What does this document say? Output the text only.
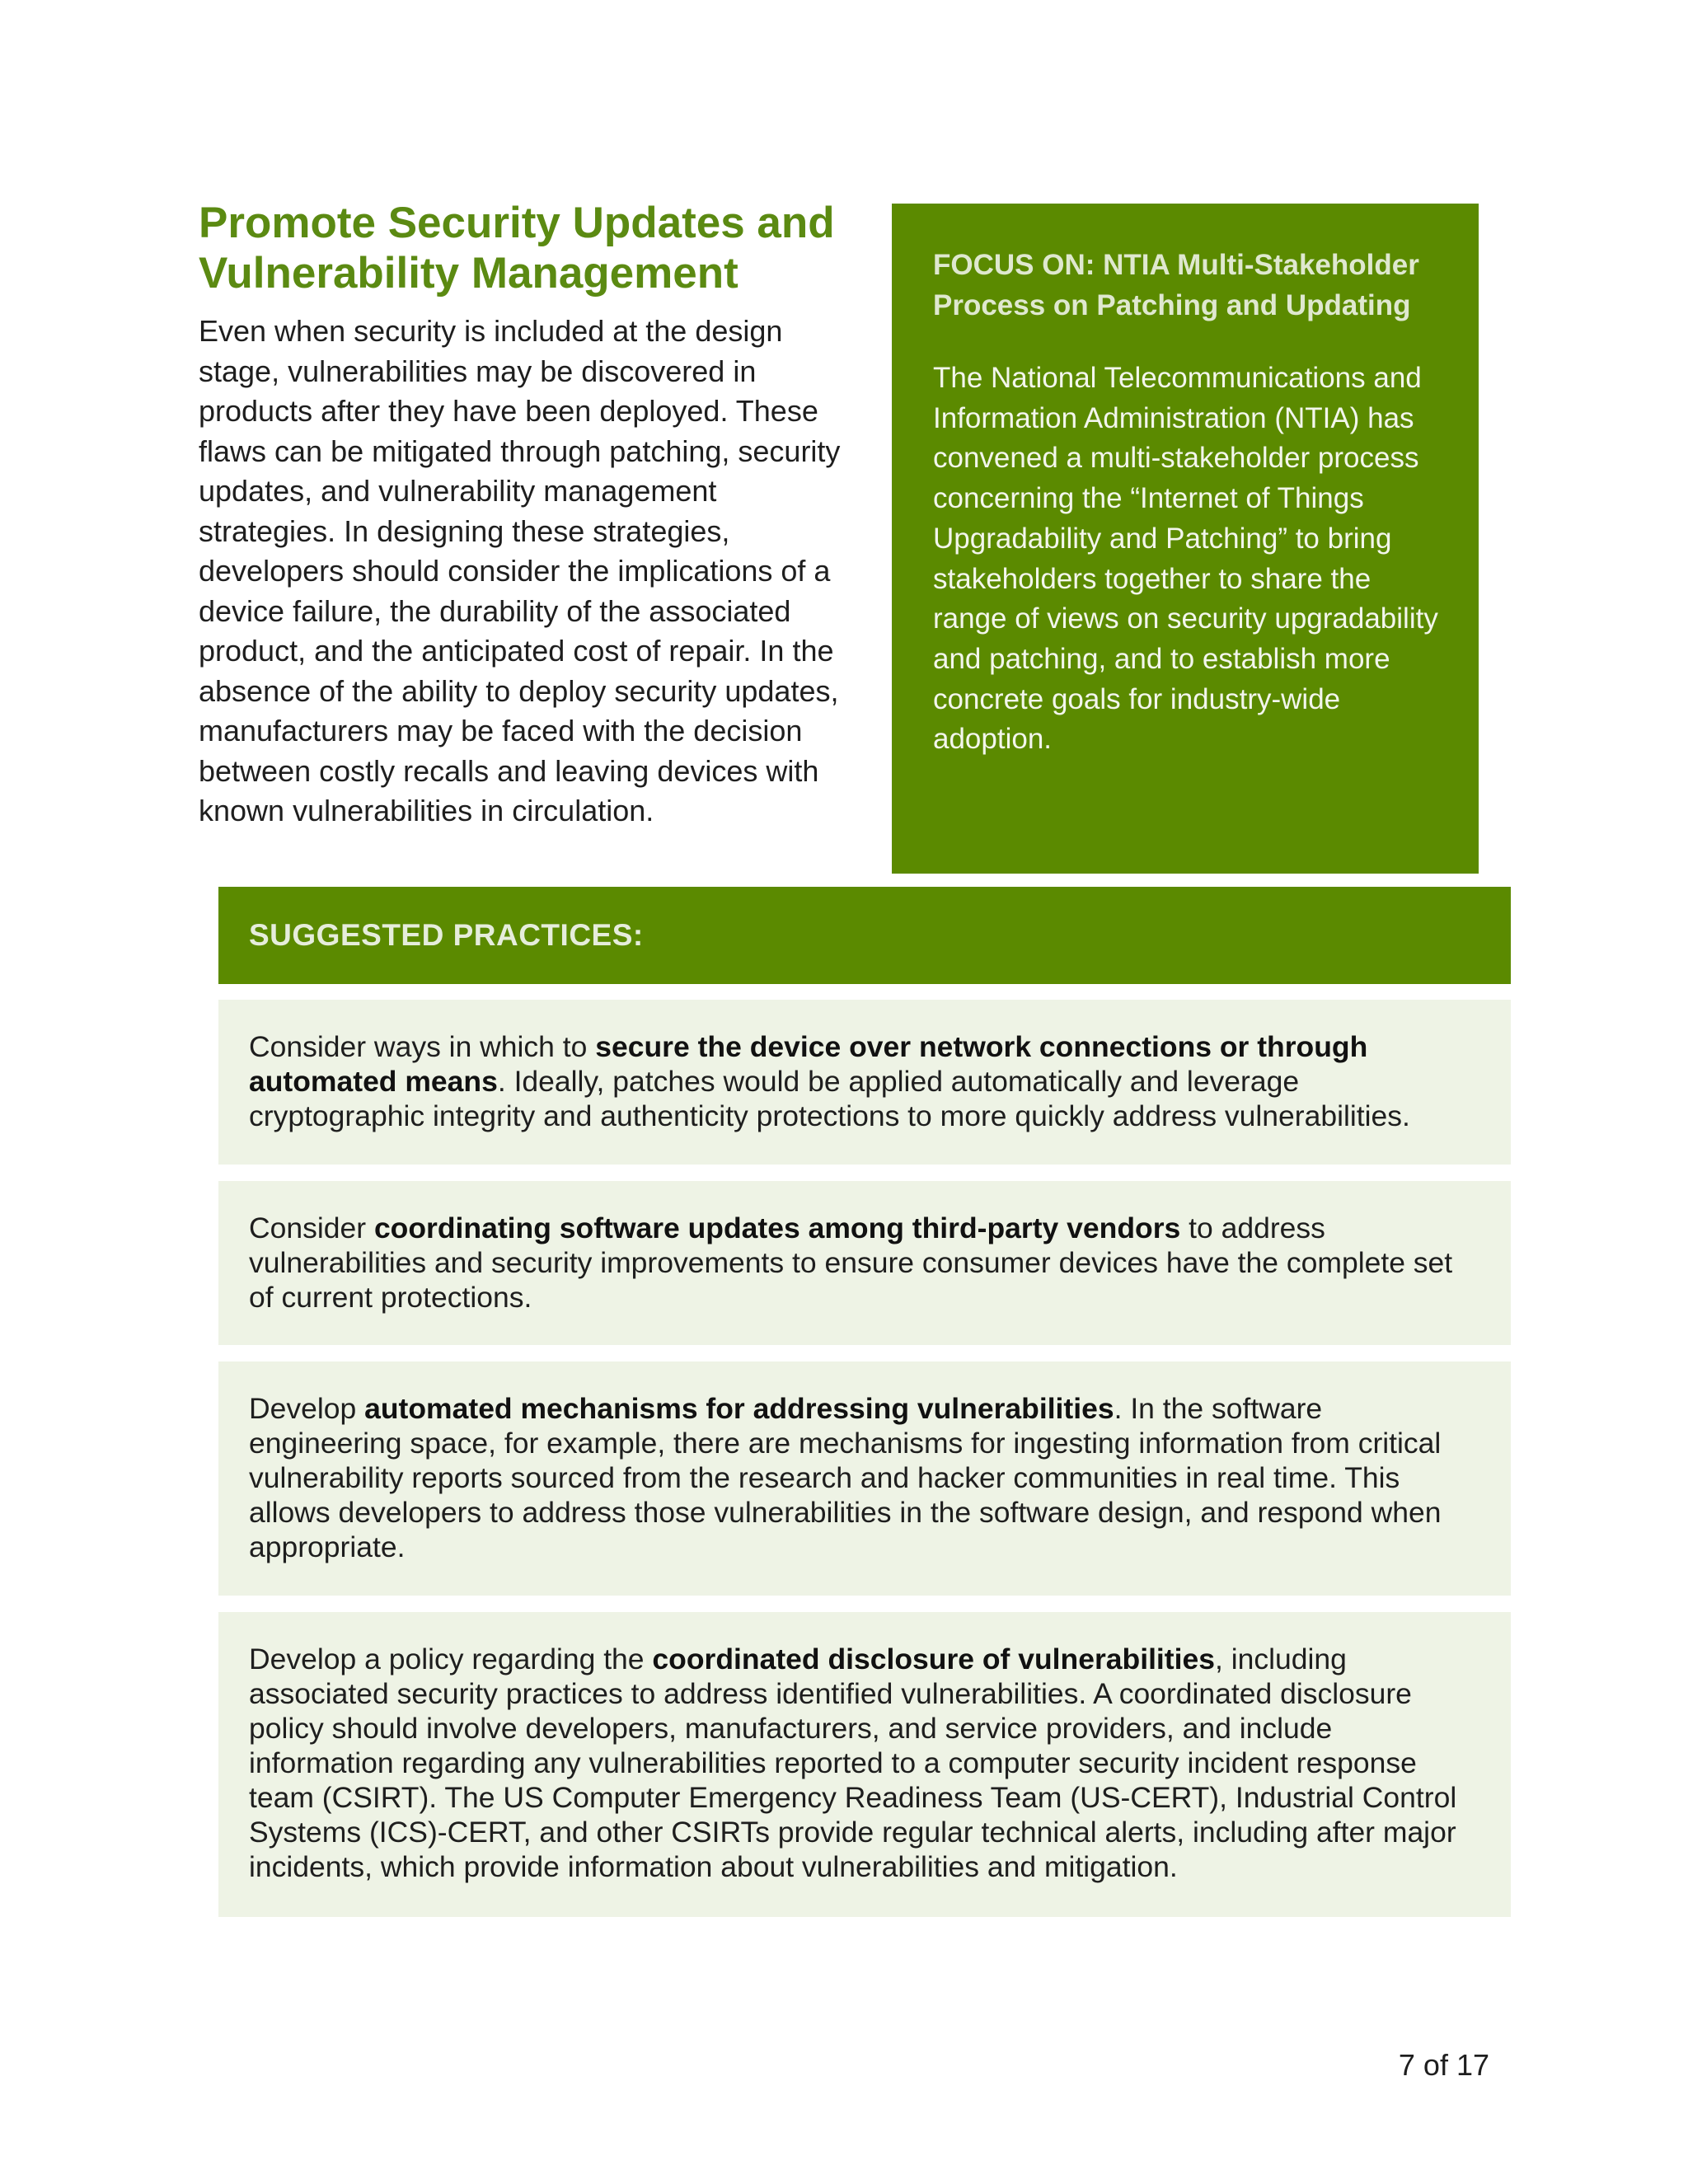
Promote Security Updates and Vulnerability Management

Even when security is included at the design stage, vulnerabilities may be discovered in products after they have been deployed. These flaws can be mitigated through patching, security updates, and vulnerability management strategies. In designing these strategies, developers should consider the implications of a device failure, the durability of the associated product, and the anticipated cost of repair. In the absence of the ability to deploy security updates, manufacturers may be faced with the decision between costly recalls and leaving devices with known vulnerabilities in circulation.

FOCUS ON: NTIA Multi-Stakeholder Process on Patching and Updating

The National Telecommunications and Information Administration (NTIA) has convened a multi-stakeholder process concerning the “Internet of Things Upgradability and Patching” to bring stakeholders together to share the range of views on security upgradability and patching, and to establish more concrete goals for industry-wide adoption.

SUGGESTED PRACTICES:

Consider ways in which to secure the device over network connections or through automated means. Ideally, patches would be applied automatically and leverage cryptographic integrity and authenticity protections to more quickly address vulnerabilities.

Consider coordinating software updates among third-party vendors to address vulnerabilities and security improvements to ensure consumer devices have the complete set of current protections.

Develop automated mechanisms for addressing vulnerabilities. In the software engineering space, for example, there are mechanisms for ingesting information from critical vulnerability reports sourced from the research and hacker communities in real time. This allows developers to address those vulnerabilities in the software design, and respond when appropriate.

Develop a policy regarding the coordinated disclosure of vulnerabilities, including associated security practices to address identified vulnerabilities. A coordinated disclosure policy should involve developers, manufacturers, and service providers, and include information regarding any vulnerabilities reported to a computer security incident response team (CSIRT). The US Computer Emergency Readiness Team (US-CERT), Industrial Control Systems (ICS)-CERT, and other CSIRTs provide regular technical alerts, including after major incidents, which provide information about vulnerabilities and mitigation.

7 of 17
